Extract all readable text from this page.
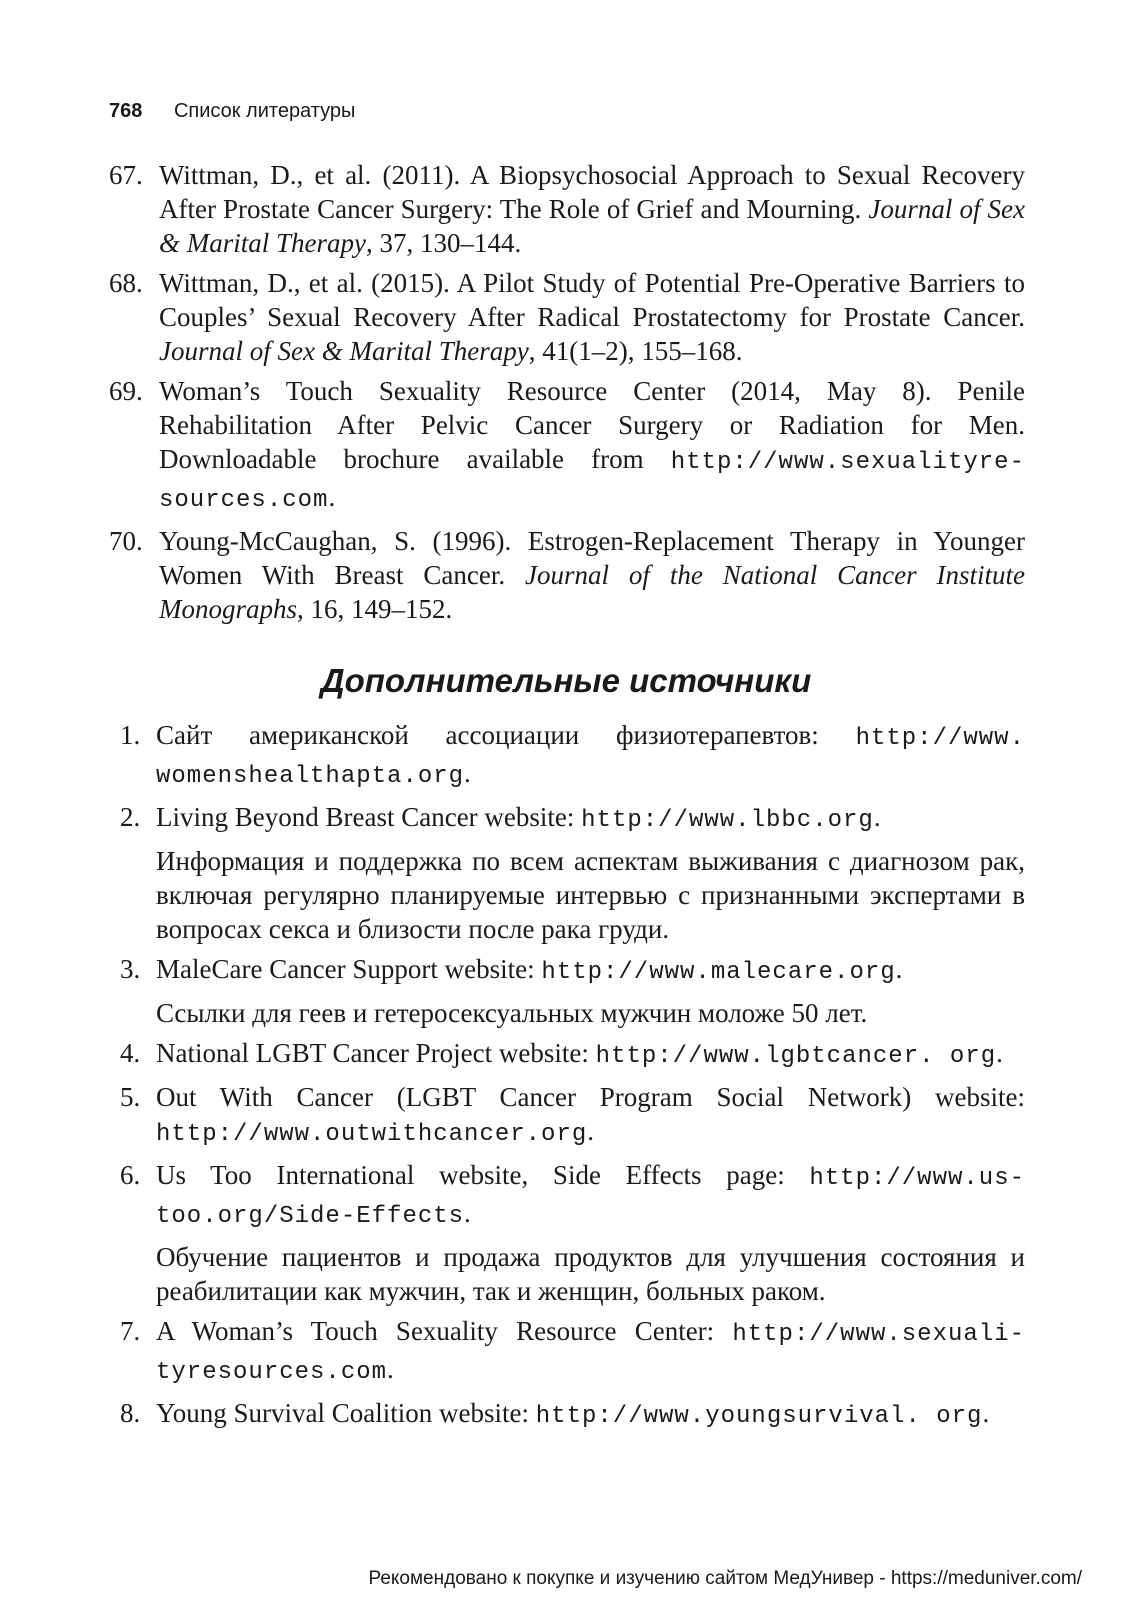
768 Список литературы
67. Wittman, D., et al. (2011). A Biopsychosocial Approach to Sexual Recovery After Prostate Cancer Surgery: The Role of Grief and Mourning. Journal of Sex & Marital Therapy, 37, 130–144.
68. Wittman, D., et al. (2015). A Pilot Study of Potential Pre-Operative Barriers to Couples’ Sexual Recovery After Radical Prostatectomy for Prostate Cancer. Journal of Sex & Marital Therapy, 41(1–2), 155–168.
69. Woman’s Touch Sexuality Resource Center (2014, May 8). Penile Rehabilitation After Pelvic Cancer Surgery or Radiation for Men. Downloadable brochure available from http://www.sexualityre-sources.com.
70. Young-McCaughan, S. (1996). Estrogen-Replacement Therapy in Younger Women With Breast Cancer. Journal of the National Cancer Institute Monographs, 16, 149–152.
Дополнительные источники
1. Сайт американской ассоциации физиотерапевтов: http://www. womenshealthapta.org.
2. Living Beyond Breast Cancer website: http://www.lbbc.org.
Информация и поддержка по всем аспектам выживания с диагнозом рак, включая регулярно планируемые интервью с признанными экспертами в вопросах секса и близости после рака груди.
3. MaleCare Cancer Support website: http://www.malecare.org.
Ссылки для геев и гетеросексуальных мужчин моложе 50 лет.
4. National LGBT Cancer Project website: http://www.lgbtcancer. org.
5. Out With Cancer (LGBT Cancer Program Social Network) website: http://www.outwithcancer.org.
6. Us Too International website, Side Effects page: http://www.us-too.org/Side-Effects.
Обучение пациентов и продажа продуктов для улучшения состояния и реабилитации как мужчин, так и женщин, больных раком.
7. A Woman’s Touch Sexuality Resource Center: http://www.sexuali-tyresources.com.
8. Young Survival Coalition website: http://www.youngsurvival. org.
Рекомендовано к покупке и изучению сайтом МедУнивер - https://meduniver.com/
